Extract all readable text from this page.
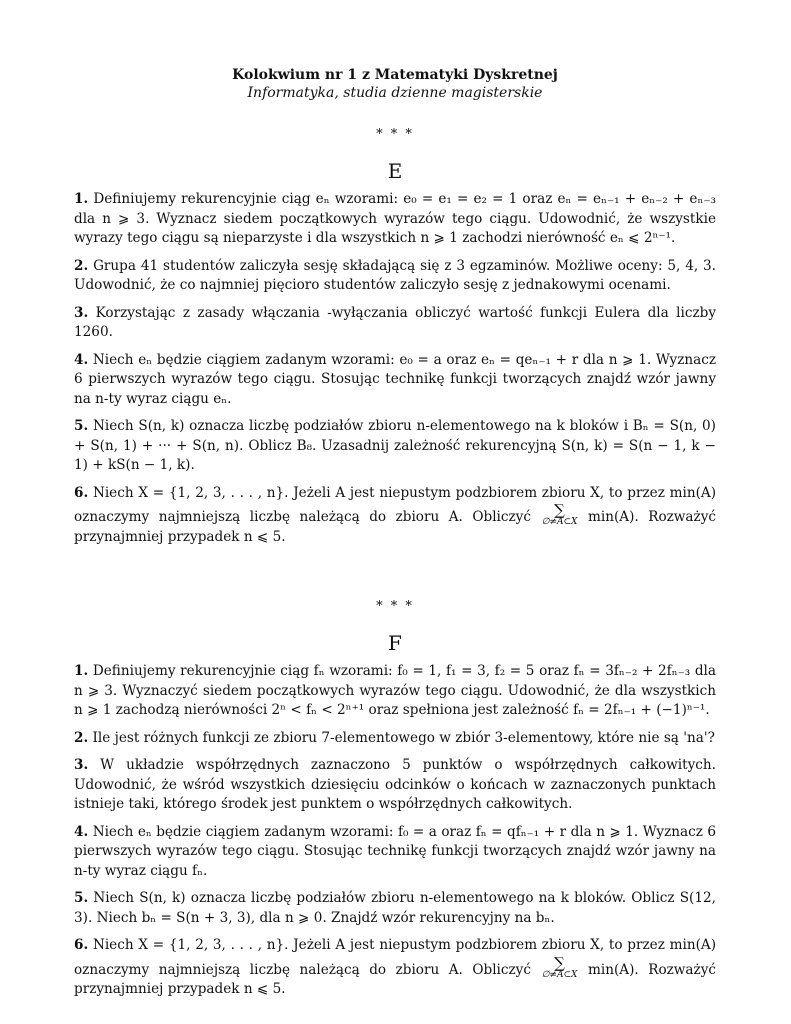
Kolokwium nr 1 z Matematyki Dyskretnej
Informatyka, studia dzienne magisterskie
* * *
E

1. Definiujemy rekurencyjnie ciąg eₙ wzorami: e₀ = e₁ = e₂ = 1 oraz eₙ = eₙ₋₁ + eₙ₋₂ + eₙ₋₃ dla n ⩾ 3. Wyznacz siedem początkowych wyrazów tego ciągu. Udowodnić, że wszystkie wyrazy tego ciągu są nieparzyste i dla wszystkich n ⩾ 1 zachodzi nierówność eₙ ⩽ 2ⁿ⁻¹.

2. Grupa 41 studentów zaliczyła sesję składającą się z 3 egzaminów. Możliwe oceny: 5, 4, 3. Udowodnić, że co najmniej pięcioro studentów zaliczyło sesję z jednakowymi ocenami.

3. Korzystając z zasady włączania -wyłączania obliczyć wartość funkcji Eulera dla liczby 1260.

4. Niech eₙ będzie ciągiem zadanym wzorami: e₀ = a oraz eₙ = qeₙ₋₁ + r dla n ⩾ 1. Wyznacz 6 pierwszych wyrazów tego ciągu. Stosując technikę funkcji tworzących znajdź wzór jawny na n-ty wyraz ciągu eₙ.

5. Niech S(n, k) oznacza liczbę podziałów zbioru n-elementowego na k bloków i Bₙ = S(n, 0) + S(n, 1) + ··· + S(n, n). Oblicz B₈. Uzasadnij zależność rekurencyjną S(n, k) = S(n − 1, k − 1) + kS(n − 1, k).

6. Niech X = {1, 2, 3, . . . , n}. Jeżeli A jest niepustym podzbiorem zbioru X, to przez min(A) oznaczymy najmniejszą liczbę należącą do zbioru A. Obliczyć	∑
∅≠A⊂X min(A). Rozważyć przynajmniej przypadek n ⩽ 5.

* * *
F

1. Definiujemy rekurencyjnie ciąg fₙ wzorami: f₀ = 1, f₁ = 3, f₂ = 5 oraz fₙ = 3fₙ₋₂ + 2fₙ₋₃ dla n ⩾ 3. Wyznaczyć siedem początkowych wyrazów tego ciągu. Udowodnić, że dla wszystkich n ⩾ 1 zachodzą nierówności 2ⁿ < fₙ < 2ⁿ⁺¹ oraz spełniona jest zależność fₙ = 2fₙ₋₁ + (−1)ⁿ⁻¹.

2. Ile jest różnych funkcji ze zbioru 7-elementowego w zbiór 3-elementowy, które nie są 'na'?

3. W układzie współrzędnych zaznaczono 5 punktów o współrzędnych całkowitych. Udowodnić, że wśród wszystkich dziesięciu odcinków o końcach w zaznaczonych punktach istnieje taki, którego środek jest punktem o współrzędnych całkowitych.

4. Niech eₙ będzie ciągiem zadanym wzorami: f₀ = a oraz fₙ = qfₙ₋₁ + r dla n ⩾ 1. Wyznacz 6 pierwszych wyrazów tego ciągu. Stosując technikę funkcji tworzących znajdź wzór jawny na n-ty wyraz ciągu fₙ.

5. Niech S(n, k) oznacza liczbę podziałów zbioru n-elementowego na k bloków. Oblicz S(12, 3). Niech bₙ = S(n + 3, 3), dla n ⩾ 0. Znajdź wzór rekurencyjny na bₙ.

6. Niech X = {1, 2, 3, . . . , n}. Jeżeli A jest niepustym podzbiorem zbioru X, to przez min(A) oznaczymy najmniejszą liczbę należącą do zbioru A. Obliczyć	∑
∅≠A⊂X min(A). Rozważyć przynajmniej przypadek n ⩽ 5.
